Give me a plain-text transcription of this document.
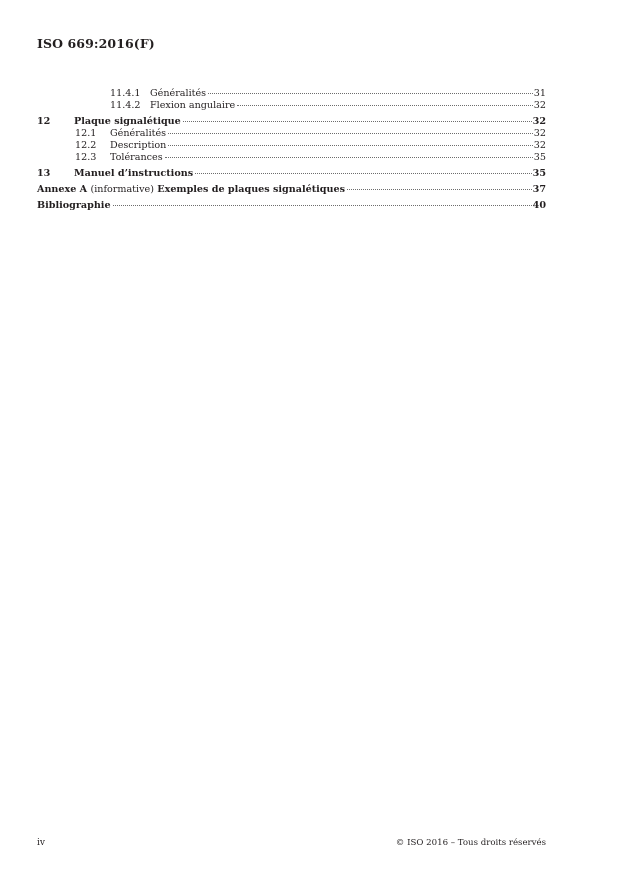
ISO 669:2016(F)
11.4.1 Généralités	31
11.4.2 Flexion angulaire	32
12	Plaque signalétique	32
12.1	Généralités	32
12.2	Description	32
12.3	Tolérances	35
13	Manuel d’instructions	35
Annexe A (informative) Exemples de plaques signalétiques	37
Bibliographie	40
iv	© ISO 2016 – Tous droits réservés
